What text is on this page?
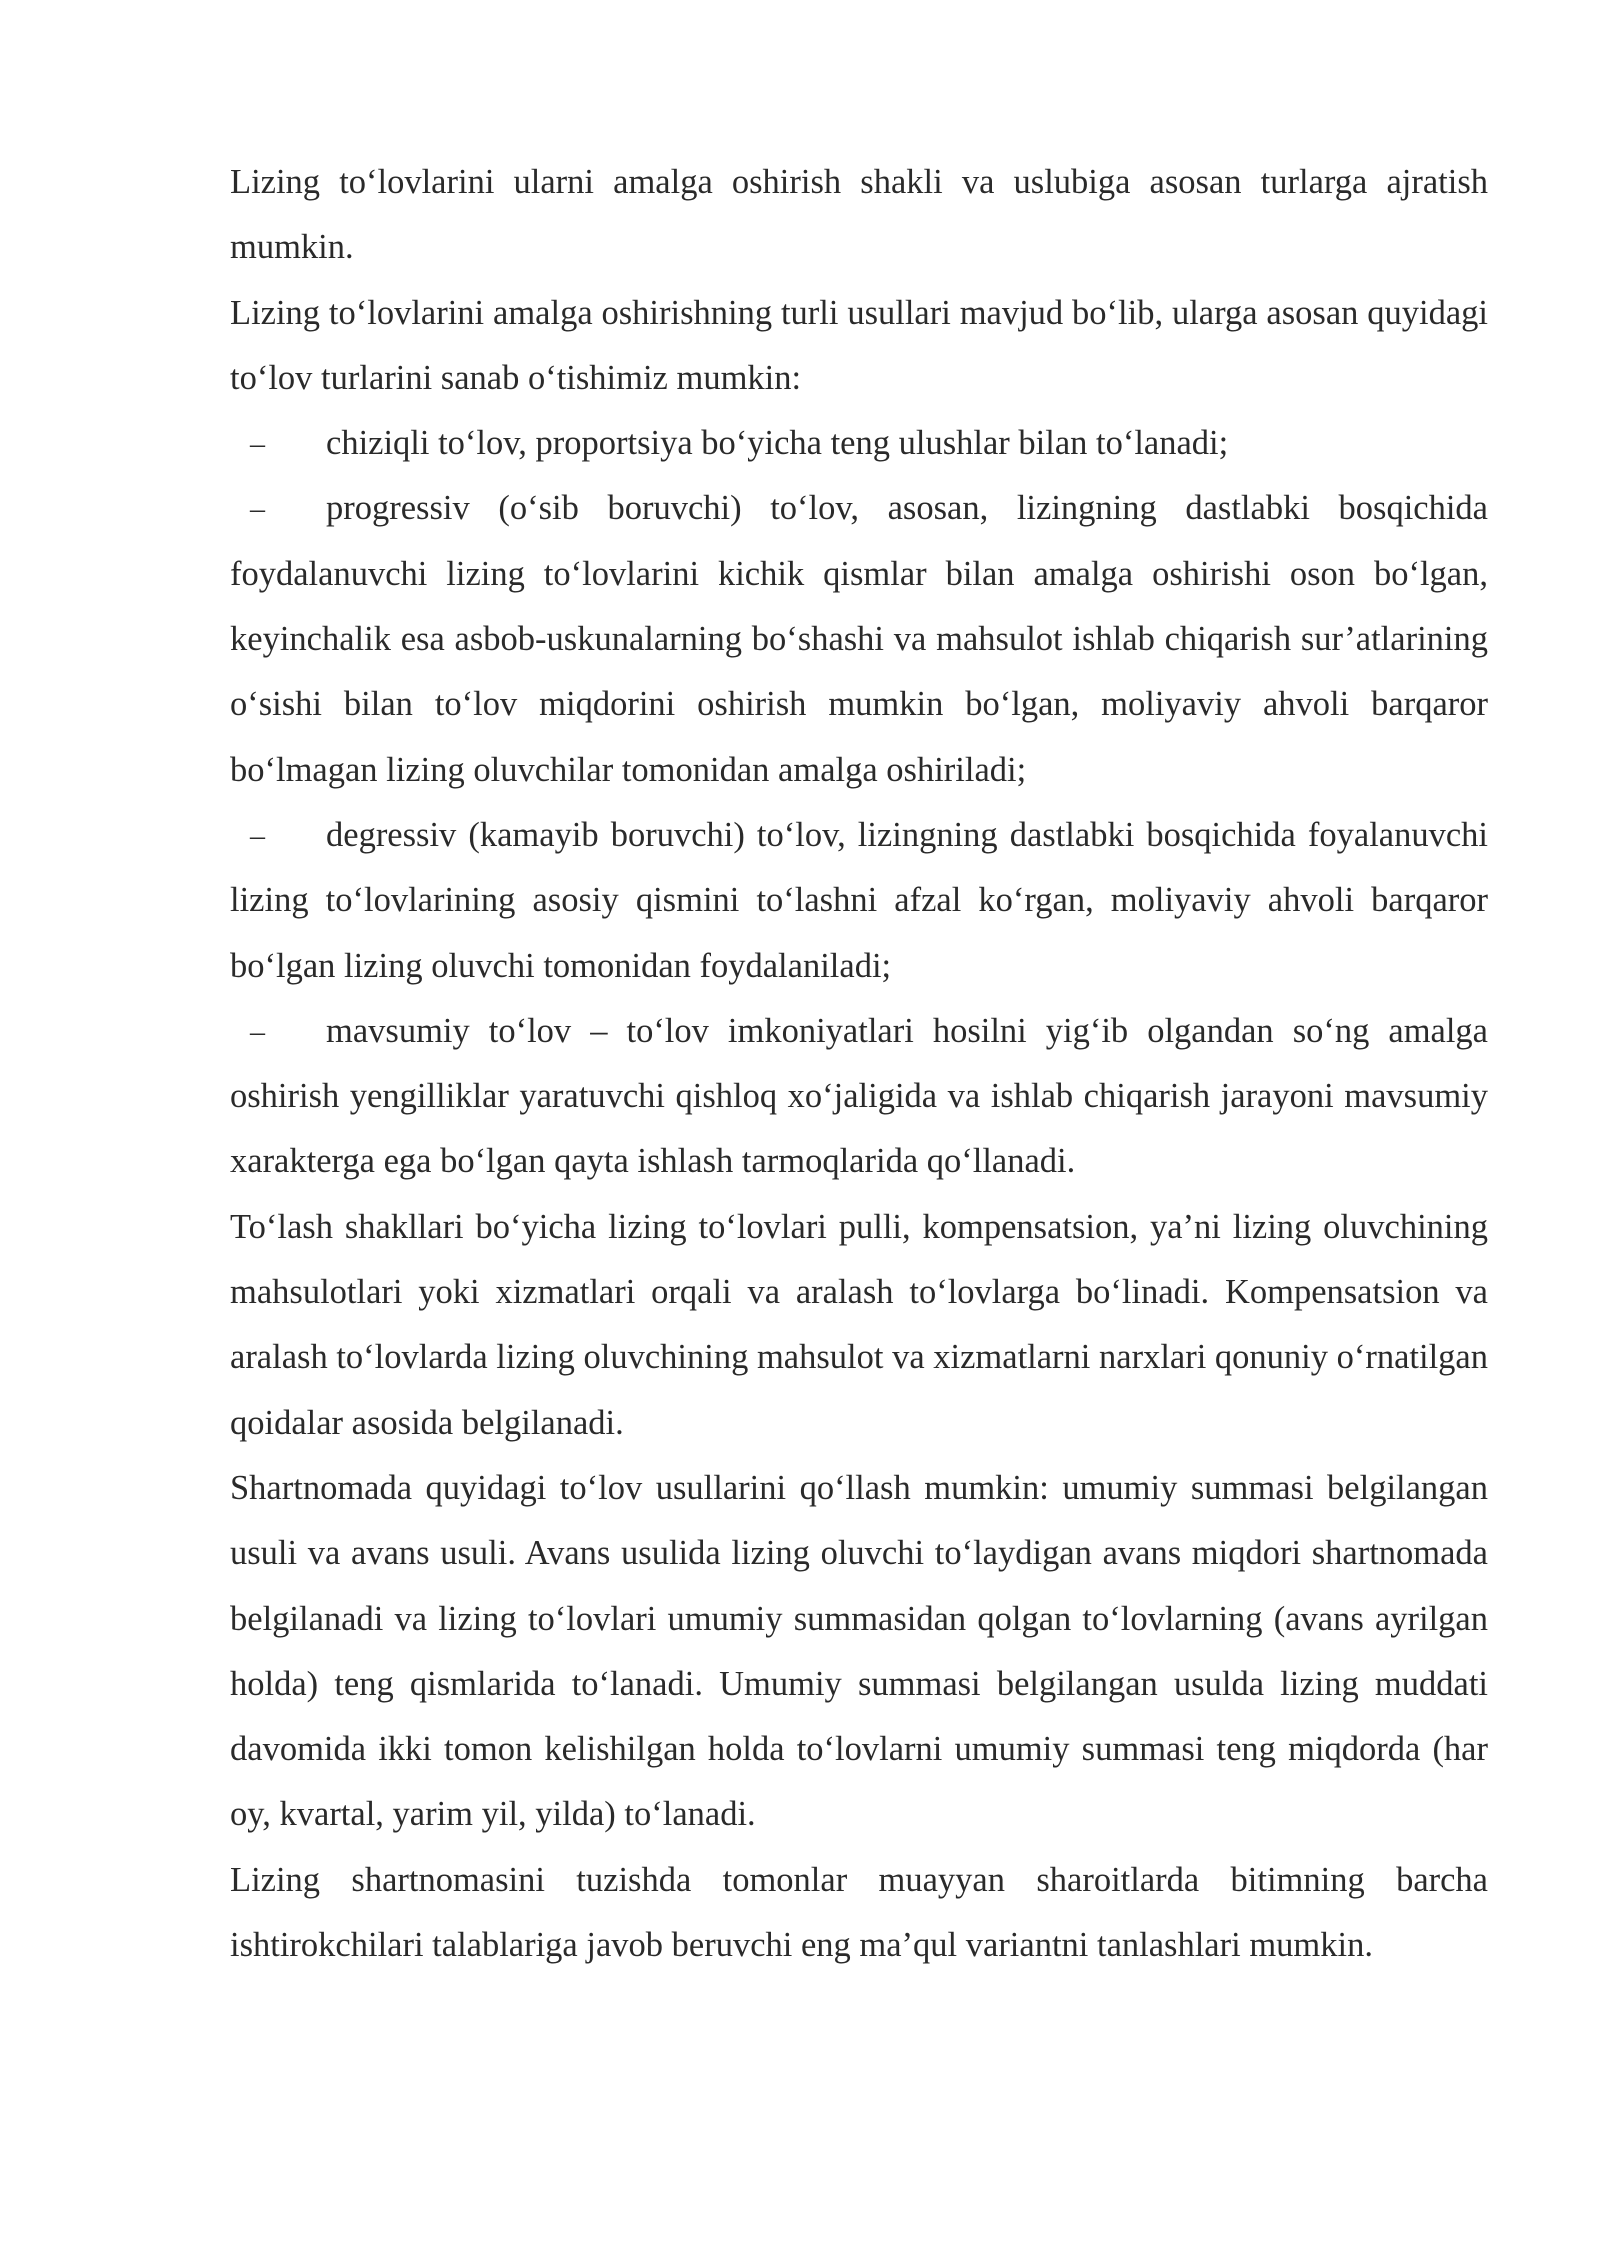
Lizing to‘lovlarini ularni amalga oshirish shakli va uslubiga asosan turlarga ajratish mumkin.

Lizing to‘lovlarini amalga oshirishning turli usullari mavjud bo‘lib, ularga asosan quyidagi to‘lov turlarini sanab o‘tishimiz mumkin:

– chiziqli to‘lov, proportsiya bo‘yicha teng ulushlar bilan to‘lanadi;

– progressiv (o‘sib boruvchi) to‘lov, asosan, lizingning dastlabki bosqichida foydalanuvchi lizing to‘lovlarini kichik qismlar bilan amalga oshirishi oson bo‘lgan, keyinchalik esa asbob-uskunalarning bo‘shashi va mahsulot ishlab chiqarish sur’atlarining o‘sishi bilan to‘lov miqdorini oshirish mumkin bo‘lgan, moliyaviy ahvoli barqaror bo‘lmagan lizing oluvchilar tomonidan amalga oshiriladi;

– degressiv (kamayib boruvchi) to‘lov, lizingning dastlabki bosqichida foyalanuvchi lizing to‘lovlarining asosiy qismini to‘lashni afzal ko‘rgan, moliyaviy ahvoli barqaror bo‘lgan lizing oluvchi tomonidan foydalaniladi;

– mavsumiy to‘lov – to‘lov imkoniyatlari hosilni yig‘ib olgandan so‘ng amalga oshirish yengilliklar yaratuvchi qishloq xo‘jaligida va ishlab chiqarish jarayoni mavsumiy xarakterga ega bo‘lgan qayta ishlash tarmoqlarida qo‘llanadi.

To‘lash shakllari bo‘yicha lizing to‘lovlari pulli, kompensatsion, ya’ni lizing oluvchining mahsulotlari yoki xizmatlari orqali va aralash to‘lovlarga bo‘linadi. Kompensatsion va aralash to‘lovlarda lizing oluvchining mahsulot va xizmatlarni narxlari qonuniy o‘rnatilgan qoidalar asosida belgilanadi.

Shartnomada quyidagi to‘lov usullarini qo‘llash mumkin: umumiy summasi belgilangan usuli va avans usuli. Avans usulida lizing oluvchi to‘laydigan avans miqdori shartnomada belgilanadi va lizing to‘lovlari umumiy summasidan qolgan to‘lovlarning (avans ayrilgan holda) teng qismlarida to‘lanadi. Umumiy summasi belgilangan usulda lizing muddati davomida ikki tomon kelishilgan holda to‘lovlarni umumiy summasi teng miqdorda (har oy, kvartal, yarim yil, yilda) to‘lanadi.

Lizing shartnomasini tuzishda tomonlar muayyan sharoitlarda bitimning barcha ishtirokchilari talablariga javob beruvchi eng ma’qul variantni tanlashlari mumkin.
